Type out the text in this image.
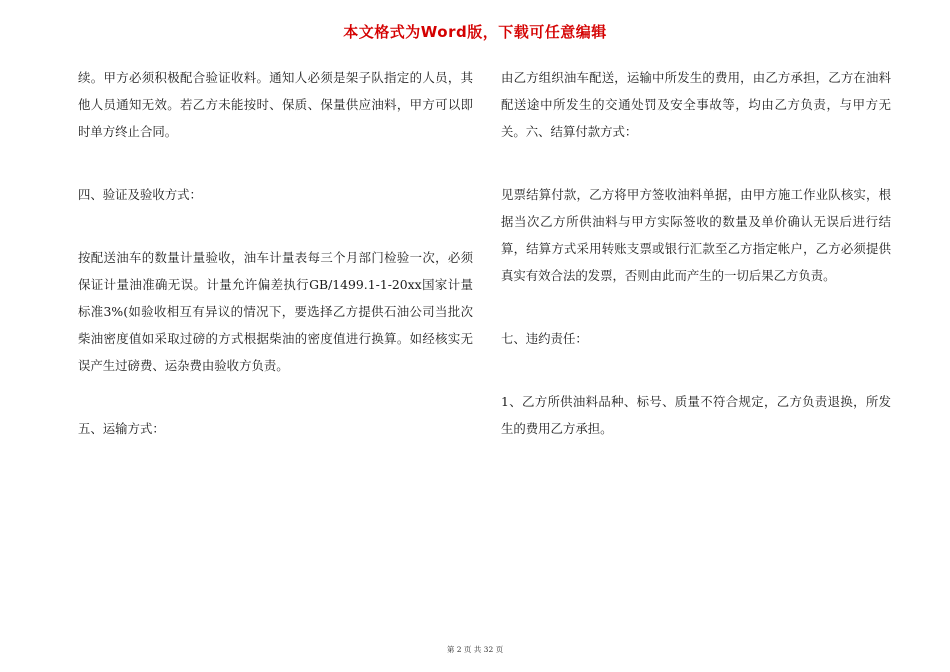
本文格式为Word版，下载可任意编辑

续。甲方必须积极配合验证收料。通知人必须是架子队指定的人员，其他人员通知无效。若乙方未能按时、保质、保量供应油料，甲方可以即时单方终止合同。

四、验证及验收方式：

按配送油车的数量计量验收，油车计量表每三个月部门检验一次，必须保证计量油准确无误。计量允许偏差执行GB/1499.1-1-20xx国家计量标准3%(如验收相互有异议的情况下，要选择乙方提供石油公司当批次柴油密度值如采取过磅的方式根据柴油的密度值进行换算。如经核实无误产生过磅费、运杂费由验收方负责。

五、运输方式：

由乙方组织油车配送，运输中所发生的费用，由乙方承担，乙方在油料配送途中所发生的交通处罚及安全事故等，均由乙方负责，与甲方无关。六、结算付款方式：

见票结算付款，乙方将甲方签收油料单据，由甲方施工作业队核实，根据当次乙方所供油料与甲方实际签收的数量及单价确认无误后进行结算，结算方式采用转账支票或银行汇款至乙方指定帐户，乙方必须提供真实有效合法的发票，否则由此而产生的一切后果乙方负责。

七、违约责任：

1、乙方所供油料品种、标号、质量不符合规定，乙方负责退换，所发生的费用乙方承担。

第 2 页 共 32 页
